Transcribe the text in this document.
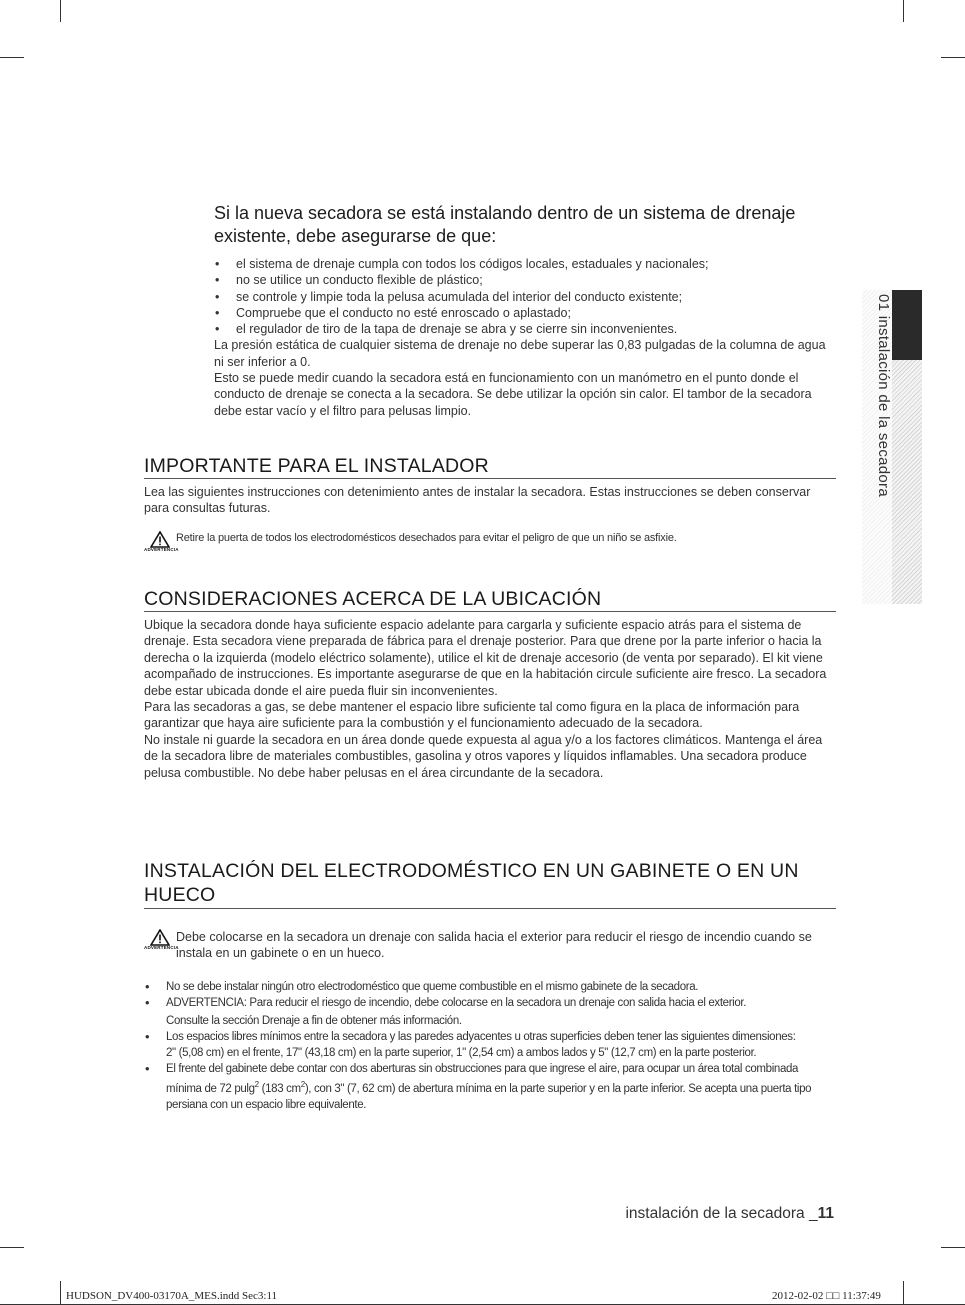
Si la nueva secadora se está instalando dentro de un sistema de drenaje existente, debe asegurarse de que:
• el sistema de drenaje cumpla con todos los códigos locales, estaduales y nacionales;
• no se utilice un conducto flexible de plástico;
• se controle y limpie toda la pelusa acumulada del interior del conducto existente;
• Compruebe que el conducto no esté enroscado o aplastado;
• el regulador de tiro de la tapa de drenaje se abra y se cierre sin inconvenientes.

La presión estática de cualquier sistema de drenaje no debe superar las 0,83 pulgadas de la columna de agua ni ser inferior a 0.

Esto se puede medir cuando la secadora está en funcionamiento con un manómetro en el punto donde el conducto de drenaje se conecta a la secadora. Se debe utilizar la opción sin calor. El tambor de la secadora debe estar vacío y el filtro para pelusas limpio.

IMPORTANTE PARA EL INSTALADOR

Lea las siguientes instrucciones con detenimiento antes de instalar la secadora. Estas instrucciones se deben conservar para consultas futuras.

ADVERTENCIA
Retire la puerta de todos los electrodomésticos desechados para evitar el peligro de que un niño se asfixie.
CONSIDERACIONES ACERCA DE LA UBICACIÓN

Ubique la secadora donde haya suficiente espacio adelante para cargarla y suficiente espacio atrás para el sistema de drenaje. Esta secadora viene preparada de fábrica para el drenaje posterior. Para que drene por la parte inferior o hacia la derecha o la izquierda (modelo eléctrico solamente), utilice el kit de drenaje accesorio (de venta por separado). El kit viene acompañado de instrucciones. Es importante asegurarse de que en la habitación circule suficiente aire fresco. La secadora debe estar ubicada donde el aire pueda fluir sin inconvenientes.

Para las secadoras a gas, se debe mantener el espacio libre suficiente tal como figura en la placa de información para garantizar que haya aire suficiente para la combustión y el funcionamiento adecuado de la secadora.

No instale ni guarde la secadora en un área donde quede expuesta al agua y/o a los factores climáticos. Mantenga el área de la secadora libre de materiales combustibles, gasolina y otros vapores y líquidos inflamables. Una secadora produce pelusa combustible. No debe haber pelusas en el área circundante de la secadora.

INSTALACIÓN DEL ELECTRODOMÉSTICO EN UN GABINETE O EN UN HUECO
ADVERTENCIA
Debe colocarse en la secadora un drenaje con salida hacia el exterior para reducir el riesgo de incendio cuando se instala en un gabinete o en un hueco.
• No se debe instalar ningún otro electrodoméstico que queme combustible en el mismo gabinete de la secadora.
• ADVERTENCIA: Para reducir el riesgo de incendio, debe colocarse en la secadora un drenaje con salida hacia el exterior.
Consulte la sección Drenaje a fin de obtener más información.
• Los espacios libres mínimos entre la secadora y las paredes adyacentes u otras superficies deben tener las siguientes dimensiones:
2" (5,08 cm) en el frente, 17" (43,18 cm) en la parte superior, 1" (2,54 cm) a ambos lados y 5" (12,7 cm) en la parte posterior.
• El frente del gabinete debe contar con dos aberturas sin obstrucciones para que ingrese el aire, para ocupar un área total combinada mínima de 72 pulg$^2$ (183 $cm^2$), con 3" (7, 62 cm) de abertura mínima en la parte superior y en la parte inferior. Se acepta una puerta tipo persiana con un espacio libre equivalente.
01 instalación de la secadora
instalación de la secadora _11
HUDSON_DV400-03170A_MES.indd Sec3:11	2012-02-02 □□ 11:37:49
